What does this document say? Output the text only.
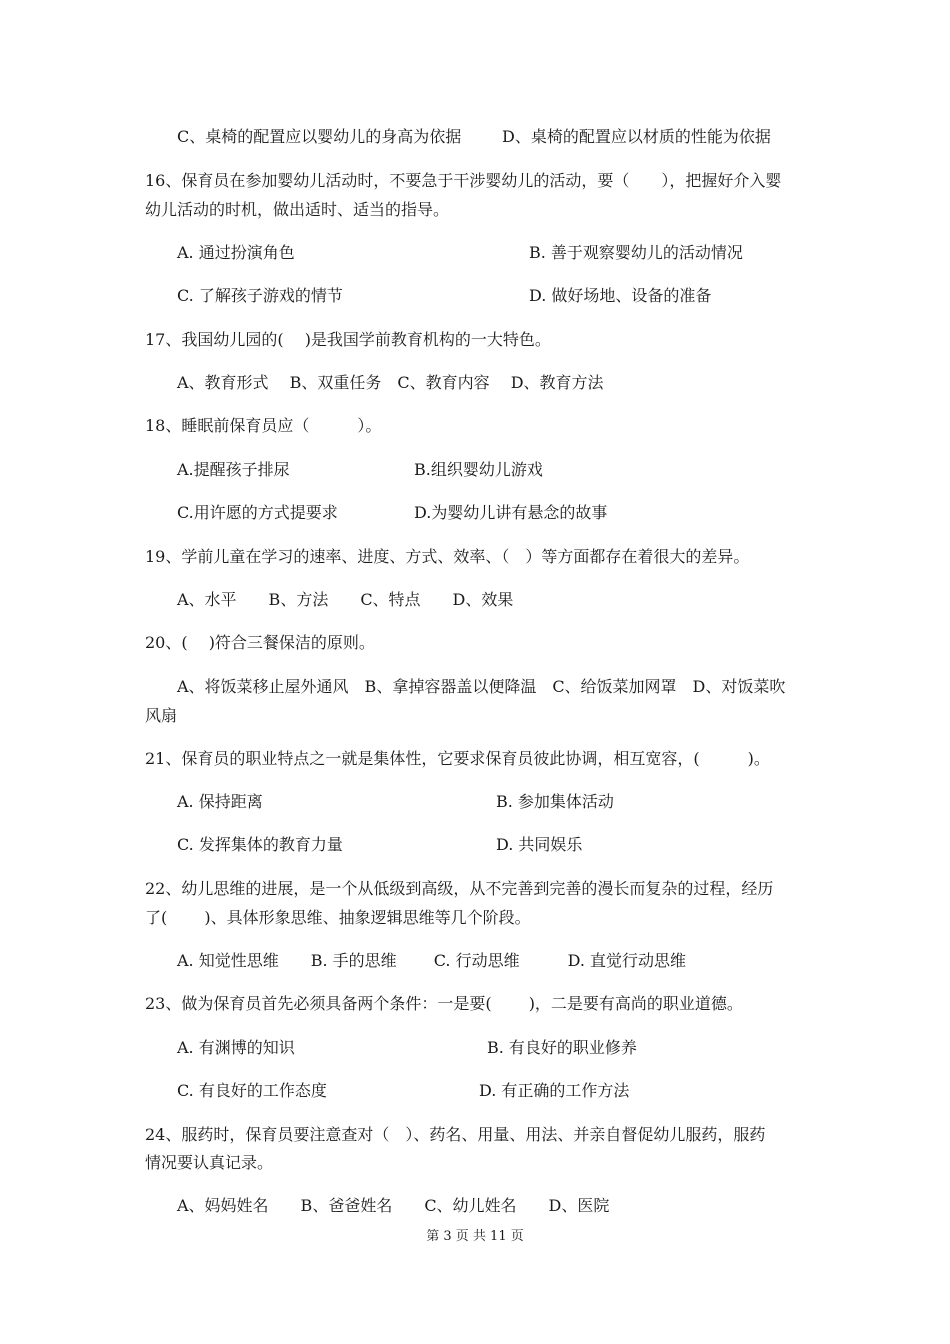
C、桌椅的配置应以婴幼儿的身高为依据	D、桌椅的配置应以材质的性能为依据
16、保育员在参加婴幼儿活动时，不要急于干涉婴幼儿的活动，要（　　），把握好介入婴
幼儿活动的时机，做出适时、适当的指导。
A. 通过扮演角色	B. 善于观察婴幼儿的活动情况
C. 了解孩子游戏的情节	D. 做好场地、设备的准备
17、我国幼儿园的(　 )是我国学前教育机构的一大特色。
A、教育形式　 B、双重任务　C、教育内容　 D、教育方法
18、睡眠前保育员应（　　　）。
A.提醒孩子排尿	B.组织婴幼儿游戏
C.用许愿的方式提要求	D.为婴幼儿讲有悬念的故事
19、学前儿童在学习的速率、进度、方式、效率、（　）等方面都存在着很大的差异。
A、水平　　B、方法　　C、特点　　D、效果
20、(　 )符合三餐保洁的原则。
A、将饭菜移止屋外通风　B、拿掉容器盖以便降温　C、给饭菜加网罩　D、对饭菜吹
风扇
21、保育员的职业特点之一就是集体性，它要求保育员彼此协调，相互宽容，(　　　)。
A. 保持距离	B. 参加集体活动
C. 发挥集体的教育力量	D. 共同娱乐
22、幼儿思维的进展，是一个从低级到高级，从不完善到完善的漫长而复杂的过程，经历
了(　　 )、具体形象思维、抽象逻辑思维等几个阶段。
A. 知觉性思维　　B. 手的思维　　 C. 行动思维　　　D. 直觉行动思维
23、做为保育员首先必须具备两个条件：一是要(　　 )，二是要有高尚的职业道德。
A. 有渊博的知识	B. 有良好的职业修养
C. 有良好的工作态度	D. 有正确的工作方法
24、服药时，保育员要注意查对（　）、药名、用量、用法、并亲自督促幼儿服药，服药
情况要认真记录。
A、妈妈姓名　　B、爸爸姓名　　C、幼儿姓名　　D、医院
第 3 页 共 11 页
